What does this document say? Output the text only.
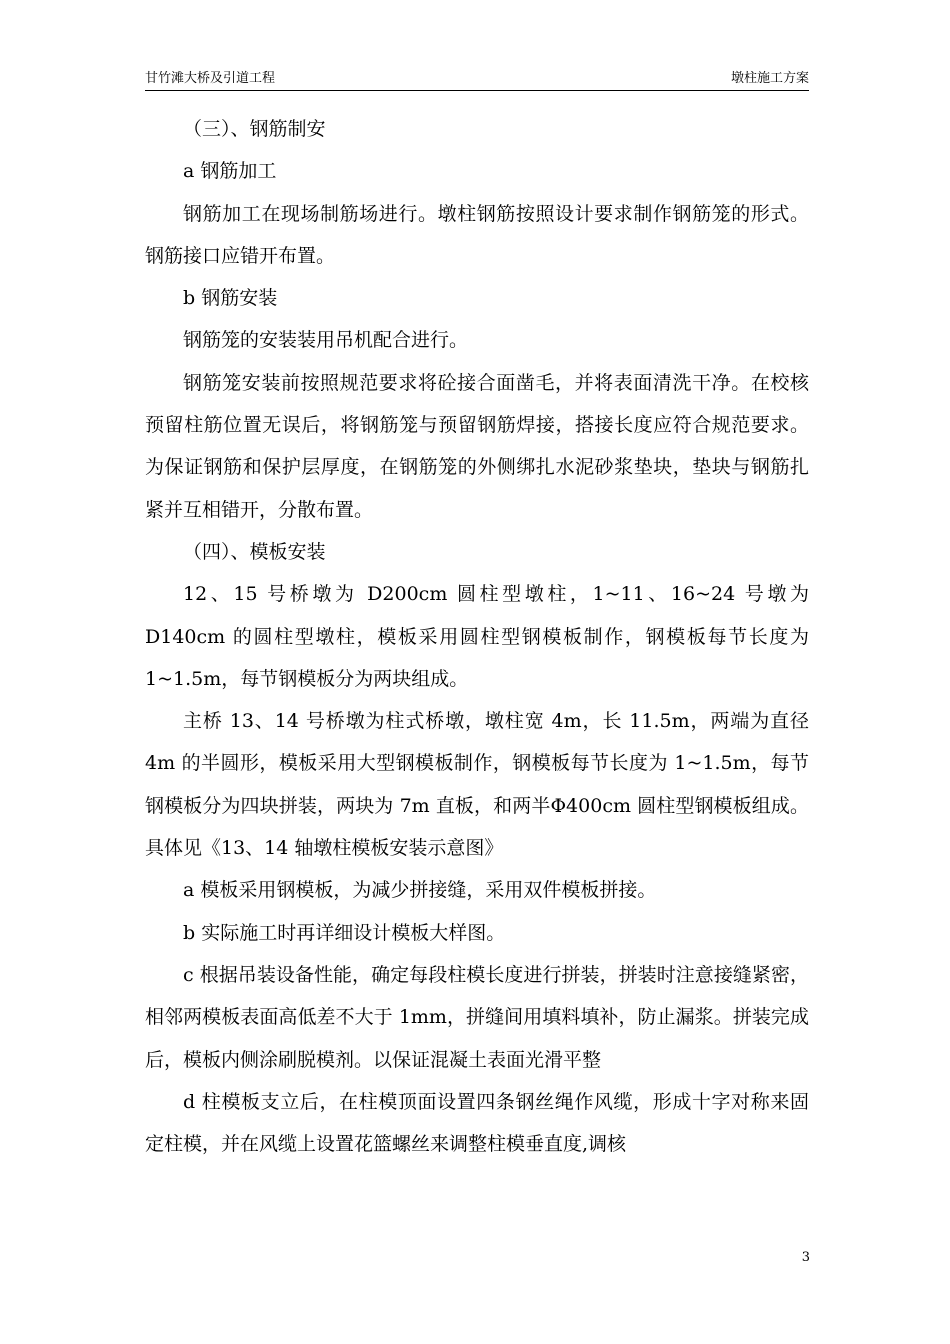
甘竹滩大桥及引道工程	墩柱施工方案

（三）、钢筋制安

a 钢筋加工

钢筋加工在现场制筋场进行。墩柱钢筋按照设计要求制作钢筋笼的形式。钢筋接口应错开布置。

b 钢筋安装

钢筋笼的安装装用吊机配合进行。

钢筋笼安装前按照规范要求将砼接合面凿毛，并将表面清洗干净。在校核预留柱筋位置无误后，将钢筋笼与预留钢筋焊接，搭接长度应符合规范要求。为保证钢筋和保护层厚度，在钢筋笼的外侧绑扎水泥砂浆垫块，垫块与钢筋扎紧并互相错开，分散布置。

（四）、模板安装

12、15 号桥墩为 D200cm 圆柱型墩柱，1~11、16~24 号墩为 D140cm 的圆柱型墩柱，模板采用圆柱型钢模板制作，钢模板每节长度为 1~1.5m，每节钢模板分为两块组成。

主桥 13、14 号桥墩为柱式桥墩，墩柱宽 4m，长 11.5m，两端为直径 4m 的半圆形，模板采用大型钢模板制作，钢模板每节长度为 1~1.5m，每节钢模板分为四块拼装，两块为 7m 直板，和两半Φ400cm 圆柱型钢模板组成。具体见《13、14 轴墩柱模板安装示意图》

a 模板采用钢模板，为减少拼接缝，采用双件模板拼接。

b 实际施工时再详细设计模板大样图。

c 根据吊装设备性能，确定每段柱模长度进行拼装，拼装时注意接缝紧密，相邻两模板表面高低差不大于 1mm，拼缝间用填料填补，防止漏浆。拼装完成后，模板内侧涂刷脱模剂。以保证混凝土表面光滑平整

d 柱模板支立后，在柱模顶面设置四条钢丝绳作风缆，形成十字对称来固定柱模，并在风缆上设置花篮螺丝来调整柱模垂直度,调核

3
